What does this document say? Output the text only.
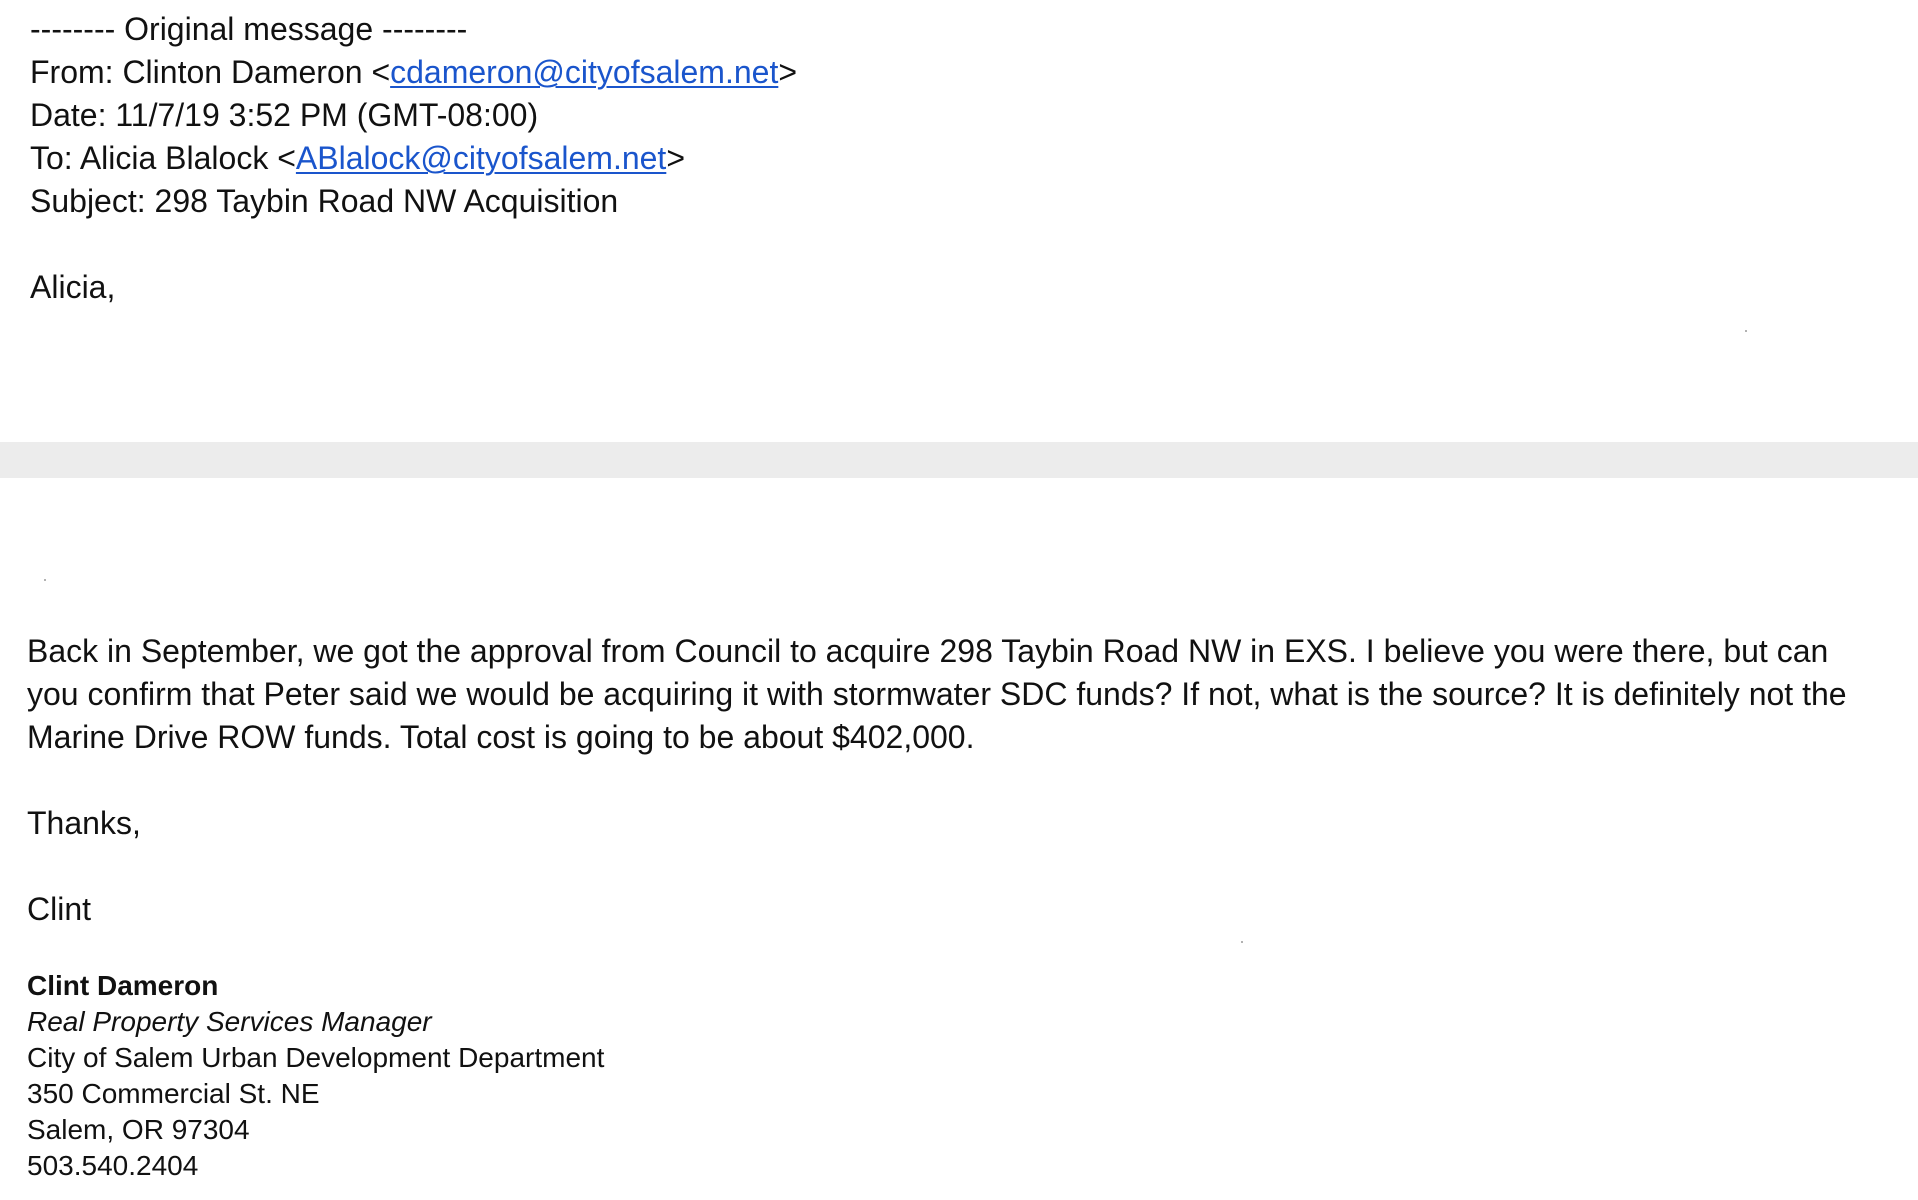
-------- Original message --------
From: Clinton Dameron <cdameron@cityofsalem.net>
Date: 11/7/19 3:52 PM (GMT-08:00)
To: Alicia Blalock <ABlalock@cityofsalem.net>
Subject: 298 Taybin Road NW Acquisition
Alicia,
Back in September, we got the approval from Council to acquire 298 Taybin Road NW in EXS. I believe you were there, but can you confirm that Peter said we would be acquiring it with stormwater SDC funds? If not, what is the source? It is definitely not the Marine Drive ROW funds. Total cost is going to be about $402,000.
Thanks,
Clint
Clint Dameron
Real Property Services Manager
City of Salem Urban Development Department
350 Commercial St. NE
Salem, OR 97304
503.540.2404
